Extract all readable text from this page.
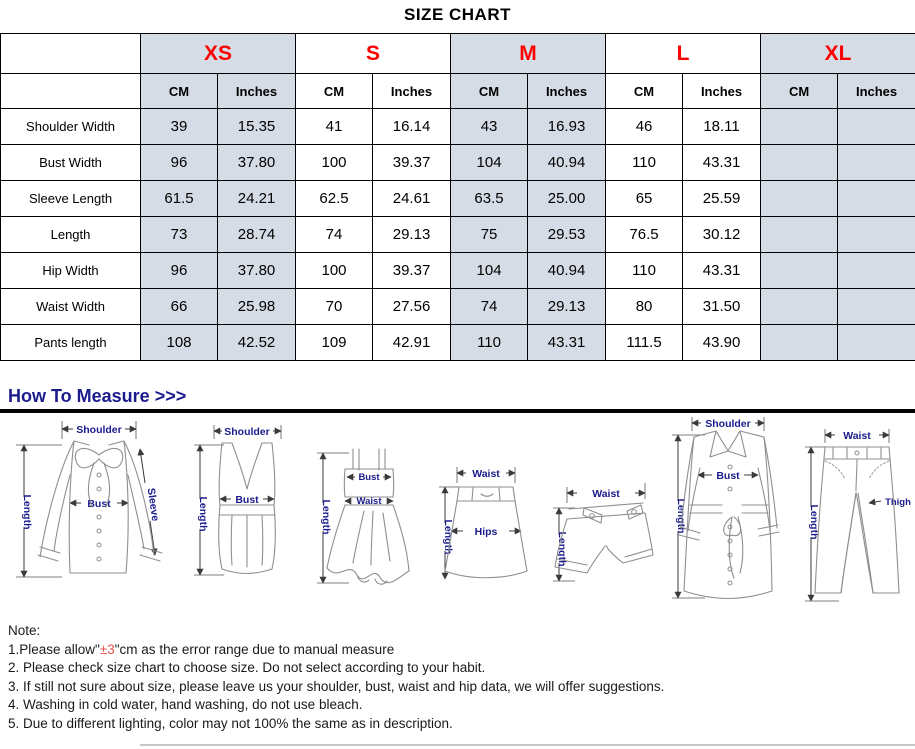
SIZE CHART
	XS		S		M		L		XL	
	CM	Inches	CM	Inches	CM	Inches	CM	Inches	CM	Inches
Shoulder Width	39	15.35	41	16.14	43	16.93	46	18.11		
Bust Width	96	37.80	100	39.37	104	40.94	110	43.31		
Sleeve Length	61.5	24.21	62.5	24.61	63.5	25.00	65	25.59		
Length	73	28.74	74	29.13	75	29.53	76.5	30.12		
Hip Width	96	37.80	100	39.37	104	40.94	110	43.31		
Waist Width	66	25.98	70	27.56	74	29.13	80	31.50		
Pants length	108	42.52	109	42.91	110	43.31	111.5	43.90		
How To Measure >>>
Shoulder
Length	Bust	Sleeve
Shoulder
Length	Bust	Length
Bust
Waist
Waist
Length Hips
Waist
Length
Shoulder
Length
Bust
Waist
Length
Thigh
Note:
1.Please allow"±3"cm as the error range due to manual measure
2. Please check size chart to choose size. Do not select according to your habit.
3. If still not sure about size, please leave us your shoulder, bust, waist and hip data, we will offer suggestions.
4. Washing in cold water, hand washing, do not use bleach.
5. Due to different lighting, color may not 100% the same as in description.
